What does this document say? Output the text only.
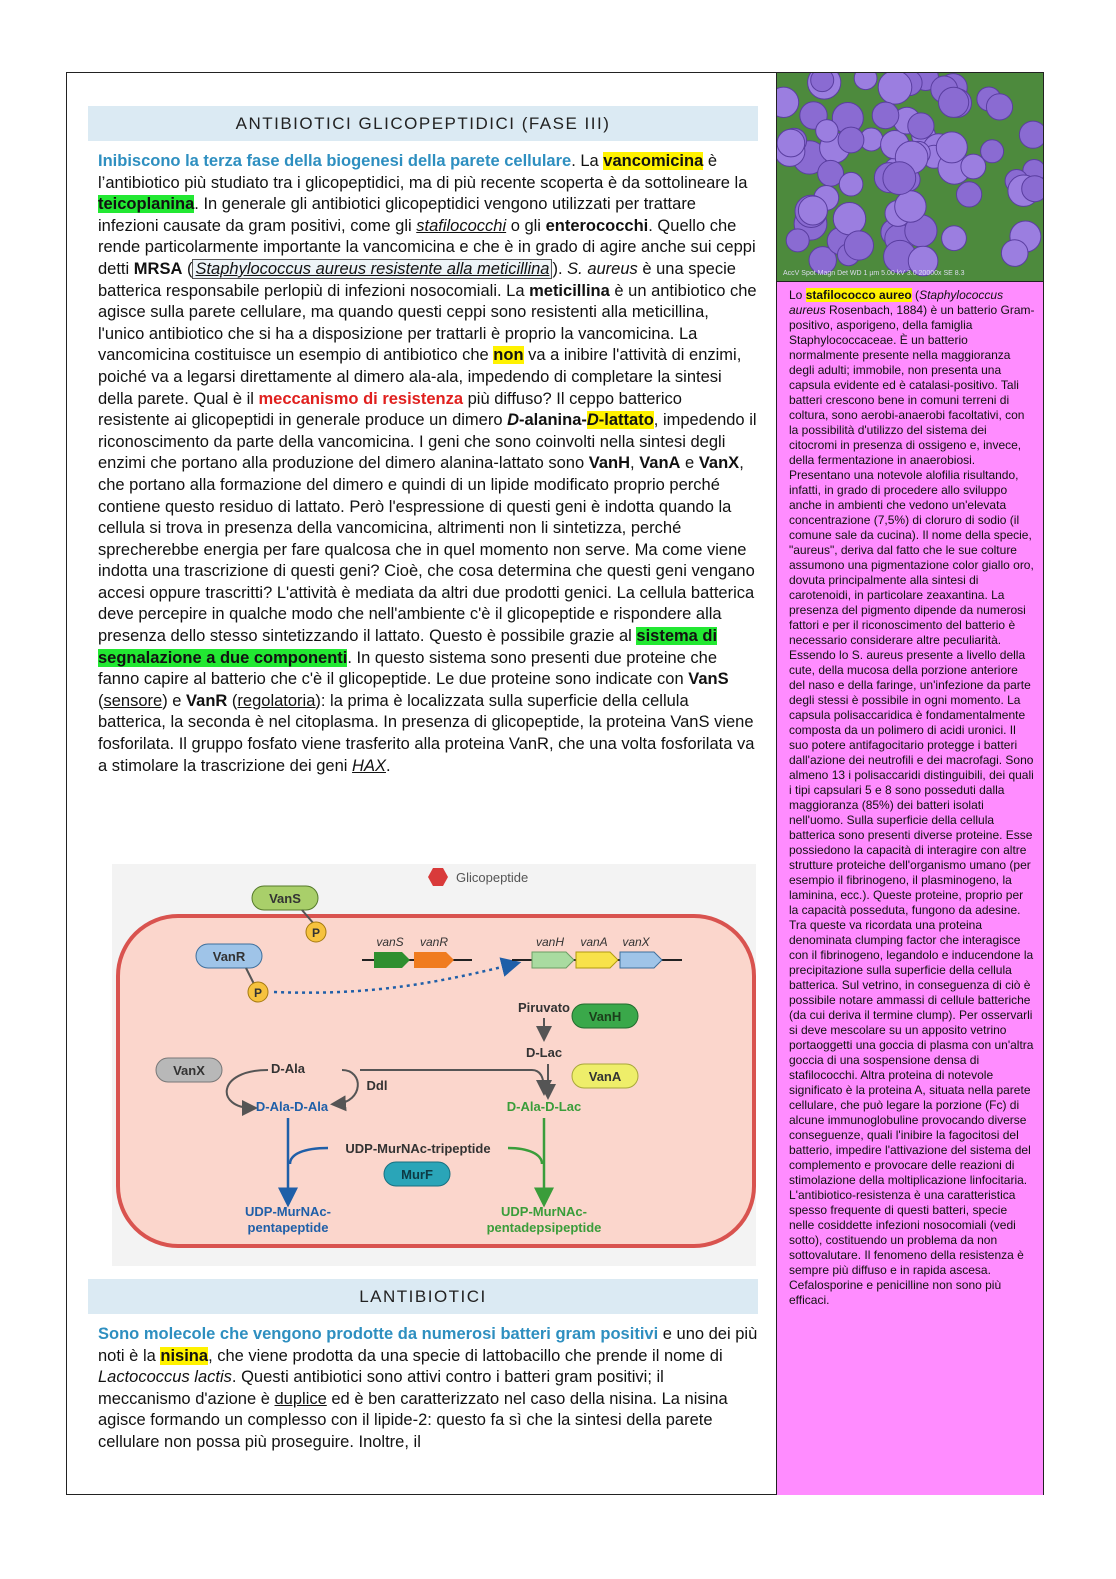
ANTIBIOTICI GLICOPEPTIDICI (FASE III)
Inibiscono la terza fase della biogenesi della parete cellulare. La vancomicina è l’antibiotico più studiato tra i glicopeptidici, ma di più recente scoperta è da sottolineare la teicoplanina. In generale gli antibiotici glicopeptidici vengono utilizzati per trattare infezioni causate da gram positivi, come gli stafilococchi o gli enterococchi. Quello che rende particolarmente importante la vancomicina e che è in grado di agire anche sui ceppi detti MRSA ( Staphylococcus aureus resistente alla meticillina ). S. aureus è una specie batterica responsabile perlopiù di infezioni nosocomiali. La meticillina è un antibiotico che agisce sulla parete cellulare, ma quando questi ceppi sono resistenti alla meticillina, l'unico antibiotico che si ha a disposizione per trattarli è proprio la vancomicina. La vancomicina costituisce un esempio di antibiotico che non va a inibire l'attività di enzimi, poiché va a legarsi direttamente al dimero ala-ala, impedendo di completare la sintesi della parete. Qual è il meccanismo di resistenza più diffuso? Il ceppo batterico resistente ai glicopeptidi in generale produce un dimero D-alanina-D-lattato, impedendo il riconoscimento da parte della vancomicina. I geni che sono coinvolti nella sintesi degli enzimi che portano alla produzione del dimero alanina-lattato sono VanH, VanA e VanX, che portano alla formazione del dimero e quindi di un lipide modificato proprio perché contiene questo residuo di lattato. Però l'espressione di questi geni è indotta quando la cellula si trova in presenza della vancomicina, altrimenti non li sintetizza, perché sprecherebbe energia per fare qualcosa che in quel momento non serve. Ma come viene indotta una trascrizione di questi geni? Cioè, che cosa determina che questi geni vengano accesi oppure trascritti? L'attività è mediata da altri due prodotti genici. La cellula batterica deve percepire in qualche modo che nell'ambiente c'è il glicopeptide e rispondere alla presenza dello stesso sintetizzando il lattato. Questo è possibile grazie al sistema di segnalazione a due componenti. In questo sistema sono presenti due proteine che fanno capire al batterio che c'è il glicopeptide. Le due proteine sono indicate con VanS (sensore) e VanR (regolatoria): la prima è localizzata sulla superficie della cellula batterica, la seconda è nel citoplasma. In presenza di glicopeptide, la proteina VanS viene fosforilata. Il gruppo fosfato viene trasferito alla proteina VanR, che una volta fosforilata va a stimolare la trascrizione dei geni HAX.
Glicopeptide
VanS
P
VanR
P
vanS vanR	vanH vanA vanX
Piruvato
VanH
D-Lac
VanA
VanX	D-Ala
Ddl
D-Ala-D-Ala	D-Ala-D-Lac
UDP-MurNAc-tripeptide
MurF
UDP-MurNAc-
pentapeptide
UDP-MurNAc-
pentadepsipeptide
LANTIBIOTICI
Sono molecole che vengono prodotte da numerosi batteri gram positivi e uno dei più noti è la nisina, che viene prodotta da una specie di lattobacillo che prende il nome di Lactococcus lactis. Questi antibiotici sono attivi contro i batteri gram positivi; il meccanismo d'azione è duplice ed è ben caratterizzato nel caso della nisina. La nisina agisce formando un complesso con il lipide-2: questo fa sì che la sintesi della parete cellulare non possa più proseguire. Inoltre, il
AccV Spot Magn Det WD 1 µm 5.00 kV 3.0 20000x SE 8.3
Lo stafilococco aureo (Staphylococcus aureus Rosenbach, 1884) è un batterio Gram-positivo, asporigeno, della famiglia Staphylococcaceae. È un batterio normalmente presente nella maggioranza degli adulti; immobile, non presenta una capsula evidente ed è catalasi-positivo. Tali batteri crescono bene in comuni terreni di coltura, sono aerobi-anaerobi facoltativi, con la possibilità d'utilizzo del sistema dei citocromi in presenza di ossigeno e, invece, della fermentazione in anaerobiosi. Presentano una notevole alofilia risultando, infatti, in grado di procedere allo sviluppo anche in ambienti che vedono un'elevata concentrazione (7,5%) di cloruro di sodio (il comune sale da cucina). Il nome della specie, "aureus", deriva dal fatto che le sue colture assumono una pigmentazione color giallo oro, dovuta principalmente alla sintesi di carotenoidi, in particolare zeaxantina. La presenza del pigmento dipende da numerosi fattori e per il riconoscimento del batterio è necessario considerare altre peculiarità. Essendo lo S. aureus presente a livello della cute, della mucosa della porzione anteriore del naso e della faringe, un'infezione da parte degli stessi è possibile in ogni momento. La capsula polisaccaridica è fondamentalmente composta da un polimero di acidi uronici. Il suo potere antifagocitario protegge i batteri dall'azione dei neutrofili e dei macrofagi. Sono almeno 13 i polisaccaridi distinguibili, dei quali i tipi capsulari 5 e 8 sono posseduti dalla maggioranza (85%) dei batteri isolati nell'uomo. Sulla superficie della cellula batterica sono presenti diverse proteine. Esse possiedono la capacità di interagire con altre strutture proteiche dell'organismo umano (per esempio il fibrinogeno, il plasminogeno, la laminina, ecc.). Queste proteine, proprio per la capacità posseduta, fungono da adesine. Tra queste va ricordata una proteina denominata clumping factor che interagisce con il fibrinogeno, legandolo e inducendone la precipitazione sulla superficie della cellula batterica. Sul vetrino, in conseguenza di ciò è possibile notare ammassi di cellule batteriche (da cui deriva il termine clump). Per osservarli si deve mescolare su un apposito vetrino portaoggetti una goccia di plasma con un'altra goccia di una sospensione densa di stafilococchi. Altra proteina di notevole significato è la proteina A, situata nella parete cellulare, che può legare la porzione (Fc) di alcune immunoglobuline provocando diverse conseguenze, quali l'inibire la fagocitosi del batterio, impedire l'attivazione del sistema del complemento e provocare delle reazioni di stimolazione della moltiplicazione linfocitaria. L'antibiotico-resistenza è una caratteristica spesso frequente di questi batteri, specie nelle cosiddette infezioni nosocomiali (vedi sotto), costituendo un problema da non sottovalutare. Il fenomeno della resistenza è sempre più diffuso e in rapida ascesa. Cefalosporine e penicilline non sono più efficaci.
